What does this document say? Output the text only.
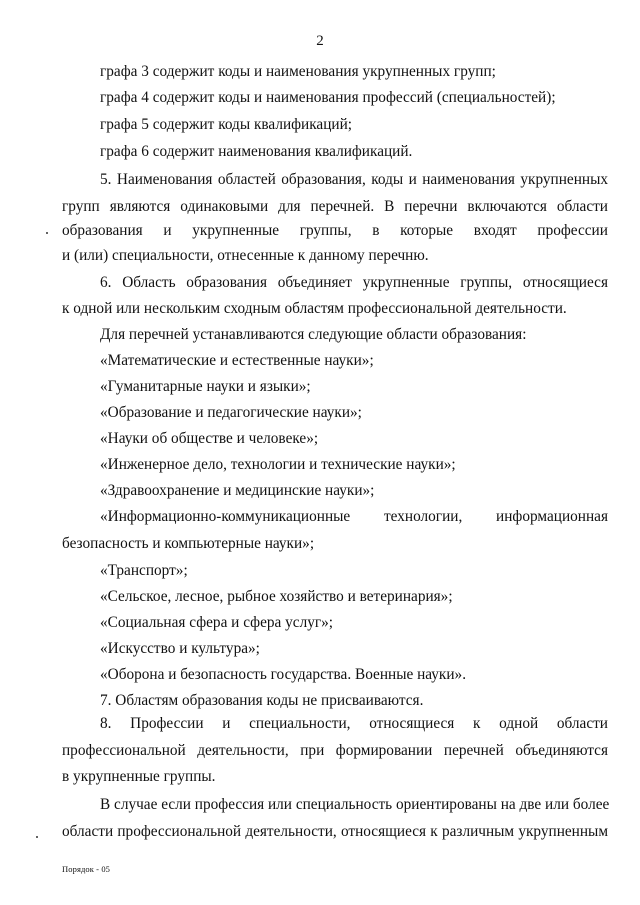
2
графа 3 содержит коды и наименования укрупненных групп;
графа 4 содержит коды и наименования профессий (специальностей);
графа 5 содержит коды квалификаций;
графа 6 содержит наименования квалификаций.
5. Наименования областей образования, коды и наименования укрупненных
групп являются одинаковыми для перечней. В перечни включаются области
образования и укрупненные группы, в которые входят профессии
и (или) специальности, отнесенные к данному перечню.
6. Область образования объединяет укрупненные группы, относящиеся
к одной или нескольким сходным областям профессиональной деятельности.
Для перечней устанавливаются следующие области образования:
«Математические и естественные науки»;
«Гуманитарные науки и языки»;
«Образование и педагогические науки»;
«Науки об обществе и человеке»;
«Инженерное дело, технологии и технические науки»;
«Здравоохранение и медицинские науки»;
«Информационно-коммуникационные технологии, информационная
безопасность и компьютерные науки»;
«Транспорт»;
«Сельское, лесное, рыбное хозяйство и ветеринария»;
«Социальная сфера и сфера услуг»;
«Искусство и культура»;
«Оборона и безопасность государства. Военные науки».
7. Областям образования коды не присваиваются.
8. Профессии и специальности, относящиеся к одной области
профессиональной деятельности, при формировании перечней объединяются
в укрупненные группы.
В случае если профессия или специальность ориентированы на две или более
области профессиональной деятельности, относящиеся к различным укрупненным
Порядок - 05
